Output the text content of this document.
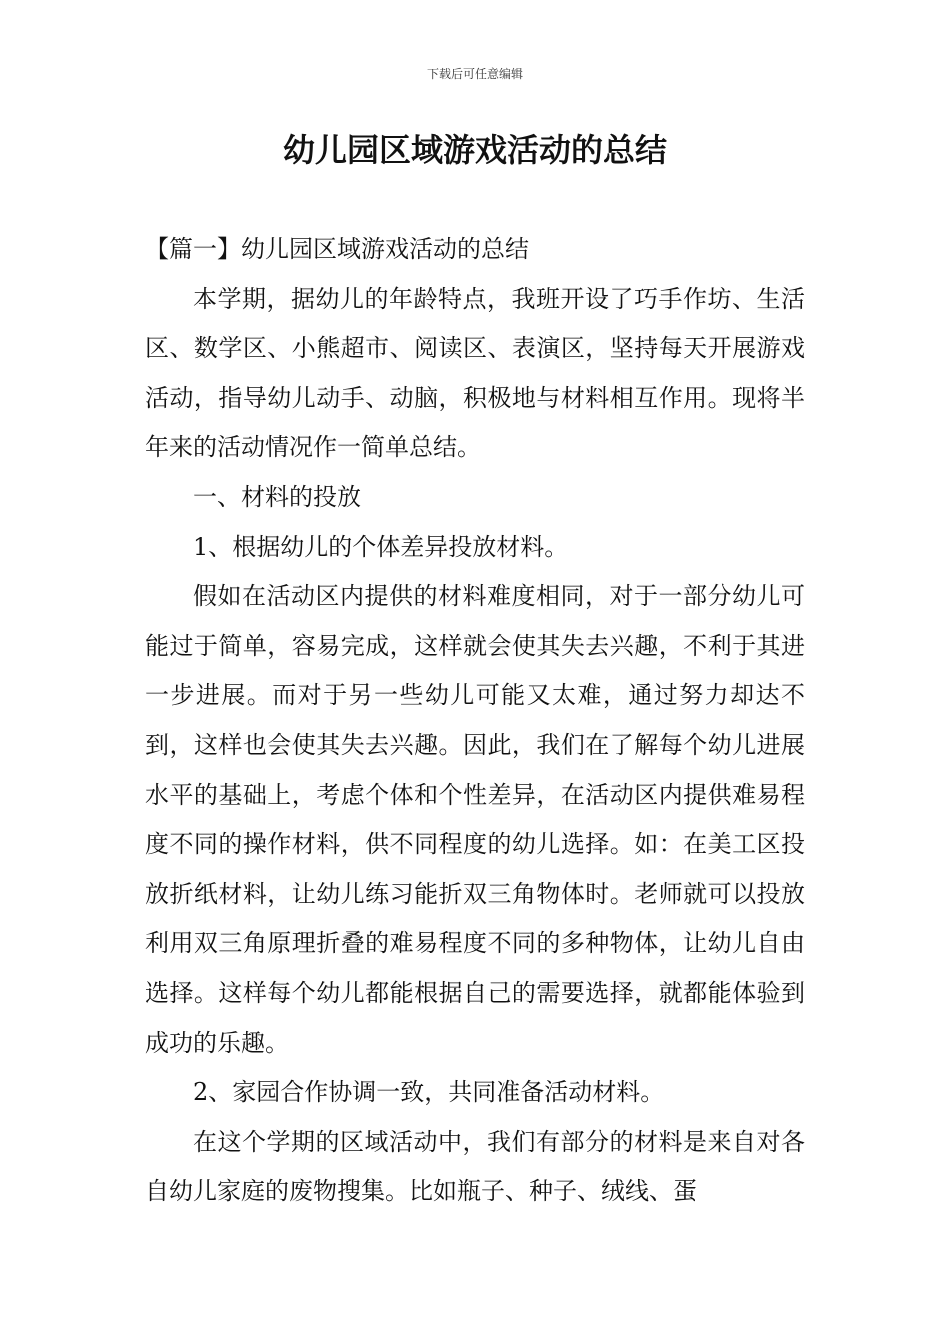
下载后可任意编辑
幼儿园区域游戏活动的总结

【篇一】幼儿园区域游戏活动的总结

本学期，据幼儿的年龄特点，我班开设了巧手作坊、生活区、数学区、小熊超市、阅读区、表演区，坚持每天开展游戏活动，指导幼儿动手、动脑，积极地与材料相互作用。现将半年来的活动情况作一简单总结。

一、材料的投放

1、根据幼儿的个体差异投放材料。

假如在活动区内提供的材料难度相同，对于一部分幼儿可能过于简单，容易完成，这样就会使其失去兴趣，不利于其进一步进展。而对于另一些幼儿可能又太难，通过努力却达不到，这样也会使其失去兴趣。因此，我们在了解每个幼儿进展水平的基础上，考虑个体和个性差异，在活动区内提供难易程度不同的操作材料，供不同程度的幼儿选择。如：在美工区投放折纸材料，让幼儿练习能折双三角物体时。老师就可以投放利用双三角原理折叠的难易程度不同的多种物体，让幼儿自由选择。这样每个幼儿都能根据自己的需要选择，就都能体验到成功的乐趣。

2、家园合作协调一致，共同准备活动材料。

在这个学期的区域活动中，我们有部分的材料是来自对各自幼儿家庭的废物搜集。比如瓶子、种子、绒线、蛋
